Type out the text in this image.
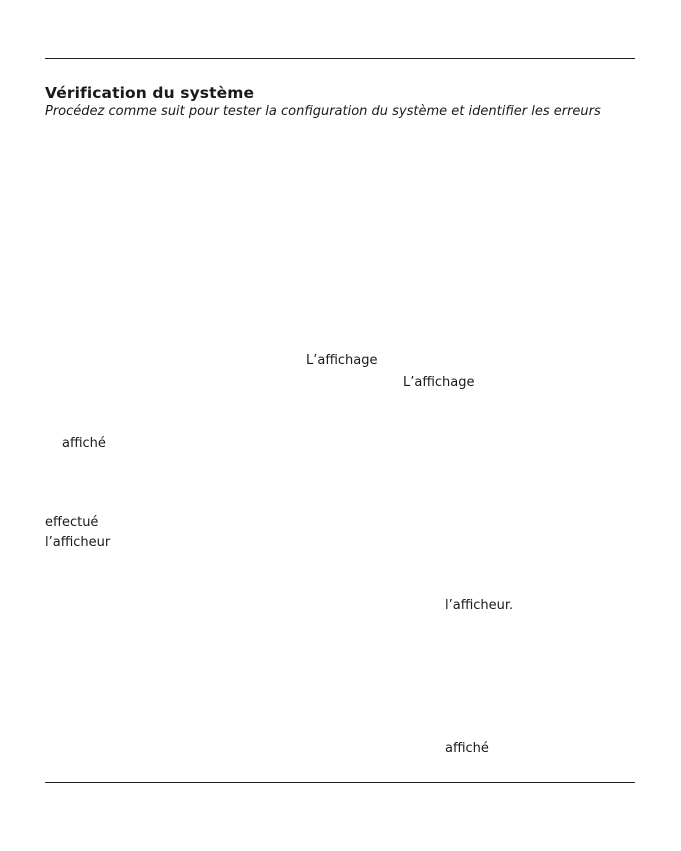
Vérification du système
Procédez comme suit pour tester la configuration du système et identifier les erreurs
L’affichage
L’affichage
affiché
effectué
l’afficheur
l’afficheur.
affiché
